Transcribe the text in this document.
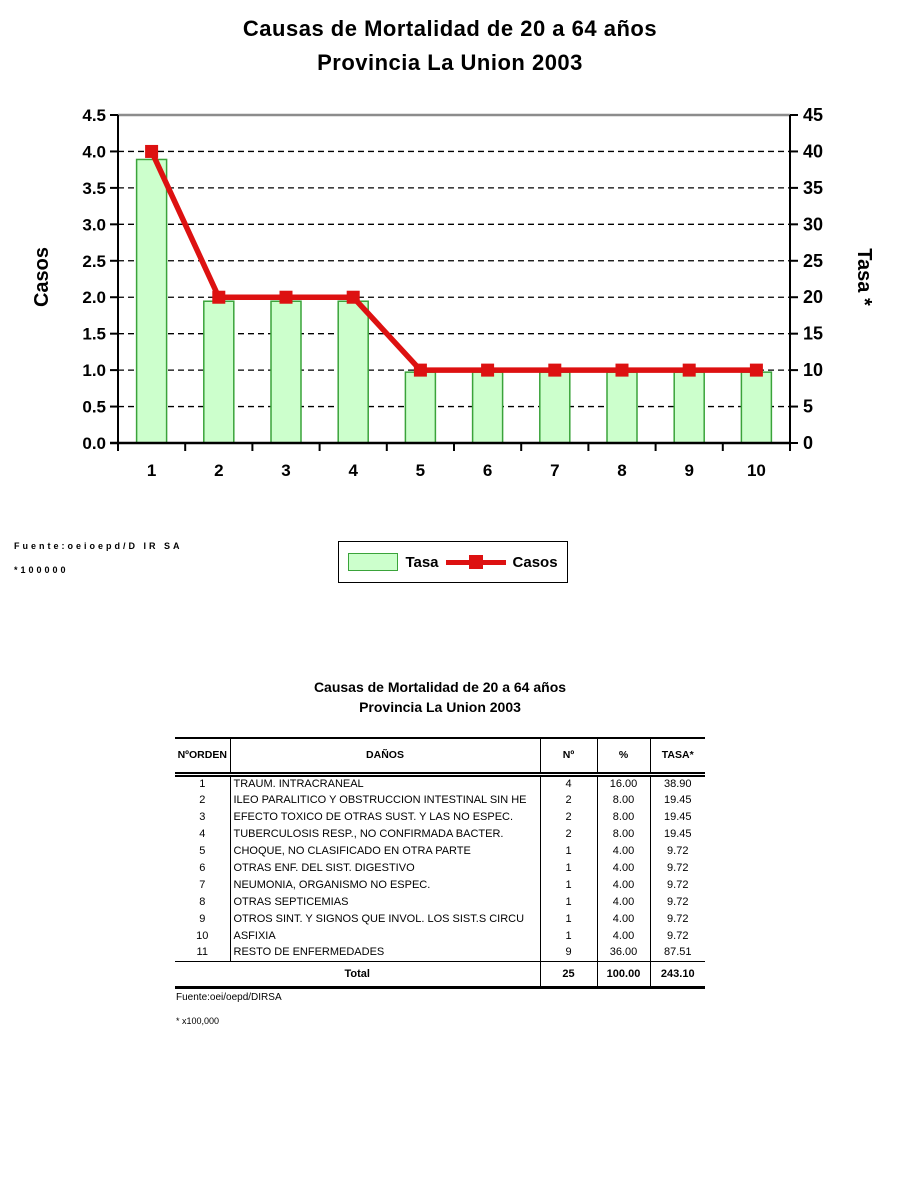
Causas de Mortalidad de 20 a 64 años
Provincia La Union 2003
0.0
0.5
1.0
1.5
2.0
2.5
3.0
3.5
4.0
4.5
0
5
10
15
20
25
30
35
40
45
1	2	3	4	5	6	7	8	9	10
Casos	Tasa *
Fuente:oeioepd/D IR SA
*100000	Tasa	Casos
Causas de Mortalidad de 20 a 64 años
Provincia La Union 2003
NºORDEN	DAÑOS	Nº	%	TASA*
1	TRAUM. INTRACRANEAL	4	16.00	38.90
2	ILEO PARALITICO Y OBSTRUCCION INTESTINAL SIN HE	2	8.00	19.45
3	EFECTO TOXICO DE OTRAS SUST. Y LAS NO ESPEC.	2	8.00	19.45
4	TUBERCULOSIS RESP., NO CONFIRMADA BACTER.	2	8.00	19.45
5	CHOQUE, NO CLASIFICADO EN OTRA PARTE	1	4.00	9.72
6	OTRAS ENF. DEL SIST. DIGESTIVO	1	4.00	9.72
7	NEUMONIA, ORGANISMO NO ESPEC.	1	4.00	9.72
8	OTRAS SEPTICEMIAS	1	4.00	9.72
9	OTROS SINT. Y SIGNOS QUE INVOL. LOS SIST.S CIRCU	1	4.00	9.72
10	ASFIXIA	1	4.00	9.72
11	RESTO DE ENFERMEDADES	9	36.00	87.51
Total		25	100.00	243.10
Fuente:oei/oepd/DIRSA
* x100,000
